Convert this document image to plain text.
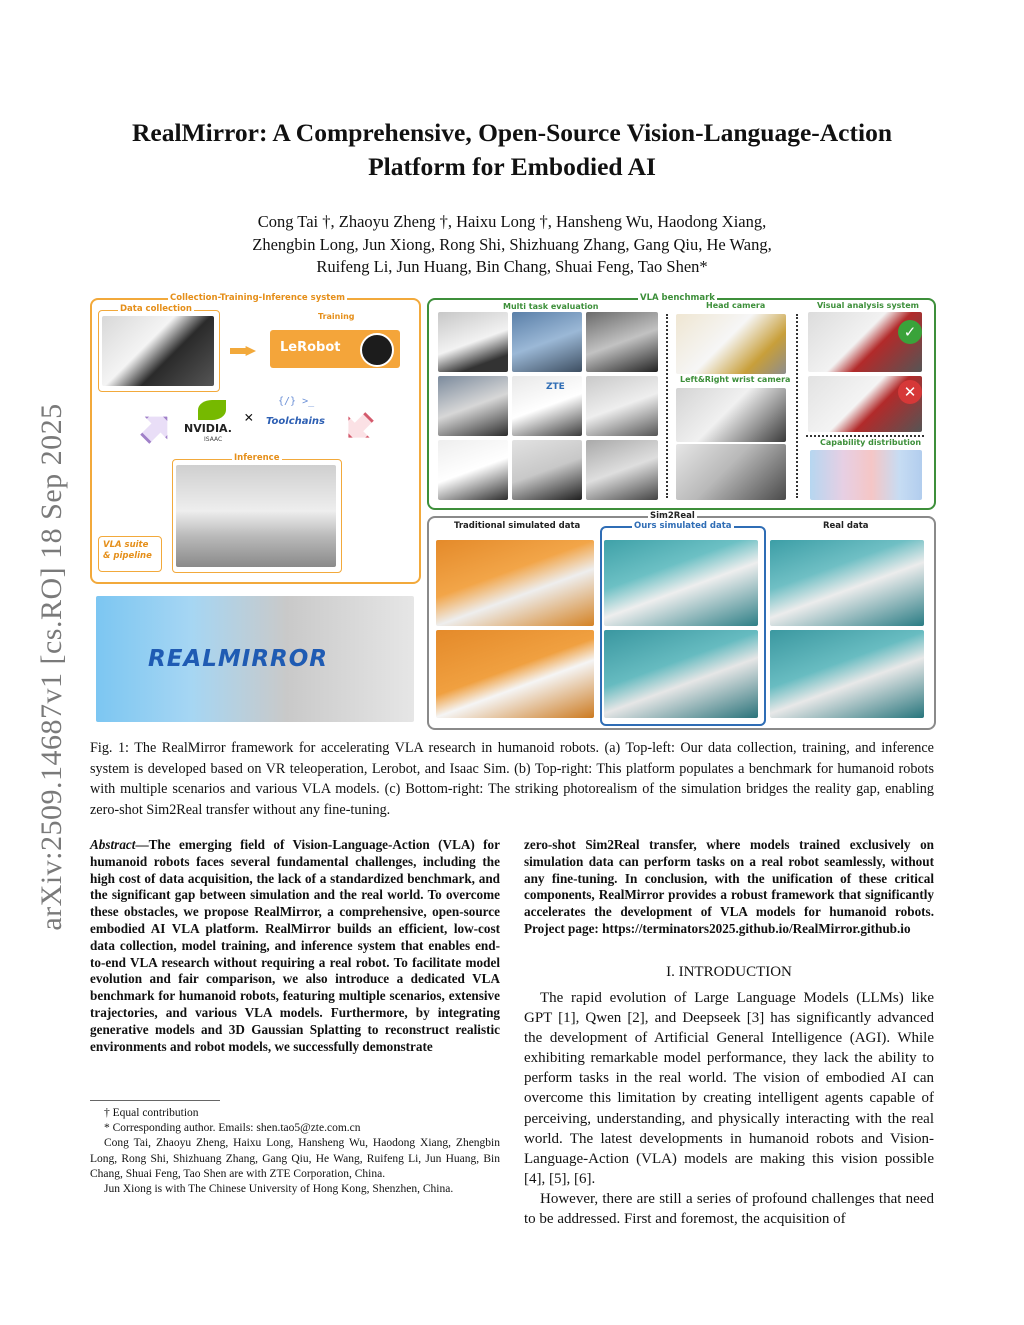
arXiv:2509.14687v1 [cs.RO] 18 Sep 2025
RealMirror: A Comprehensive, Open-Source Vision-Language-Action
Platform for Embodied AI
Cong Tai †, Zhaoyu Zheng †, Haixu Long †, Hansheng Wu, Haodong Xiang,
Zhengbin Long, Jun Xiong, Rong Shi, Shizhuang Zhang, Gang Qiu, He Wang,
Ruifeng Li, Jun Huang, Bin Chang, Shuai Feng, Tao Shen*
Collection-Training-Inference system
Data collection
Training
LeRobot
NVIDIA.
ISAAC
×
{/} >_
Toolchains
Inference
VLA suite
& pipeline
REALMIRROR
VLA benchmark
Multi task evaluation	Head camera	Visual analysis system
ZTE
Left&Right wrist camera
✓
✕
Capability distribution
Sim2Real
Traditional simulated data	Ours simulated data	Real data
Fig. 1: The RealMirror framework for accelerating VLA research in humanoid robots. (a) Top-left: Our data collection, training, and inference system is developed based on VR teleoperation, Lerobot, and Isaac Sim. (b) Top-right: This platform populates a benchmark for humanoid robots with multiple scenarios and various VLA models. (c) Bottom-right: The striking photorealism of the simulation bridges the reality gap, enabling zero-shot Sim2Real transfer without any fine-tuning.
Abstract—The emerging field of Vision-Language-Action (VLA) for humanoid robots faces several fundamental challenges, including the high cost of data acquisition, the lack of a standardized benchmark, and the significant gap between simulation and the real world. To overcome these obstacles, we propose RealMirror, a comprehensive, open-source embodied AI VLA platform. RealMirror builds an efficient, low-cost data collection, model training, and inference system that enables end-to-end VLA research without requiring a real robot. To facilitate model evolution and fair comparison, we also introduce a dedicated VLA benchmark for humanoid robots, featuring multiple scenarios, extensive trajectories, and various VLA models. Furthermore, by integrating generative models and 3D Gaussian Splatting to reconstruct realistic environments and robot models, we successfully demonstrate
zero-shot Sim2Real transfer, where models trained exclusively on simulation data can perform tasks on a real robot seamlessly, without any fine-tuning. In conclusion, with the unification of these critical components, RealMirror provides a robust framework that significantly accelerates the development of VLA models for humanoid robots. Project page: https://terminators2025.github.io/RealMirror.github.io
I. INTRODUCTION

The rapid evolution of Large Language Models (LLMs) like GPT [1], Qwen [2], and Deepseek [3] has significantly advanced the development of Artificial General Intelligence (AGI). While exhibiting remarkable model performance, they lack the ability to perform tasks in the real world. The vision of embodied AI can overcome this limitation by creating intelligent agents capable of perceiving, understanding, and physically interacting with the real world. The latest developments in humanoid robots and Vision-Language-Action (VLA) models are making this vision possible [4], [5], [6].

However, there are still a series of profound challenges that need to be addressed. First and foremost, the acquisition of

† Equal contribution

* Corresponding author. Emails: shen.tao5@zte.com.cn

Cong Tai, Zhaoyu Zheng, Haixu Long, Hansheng Wu, Haodong Xiang, Zhengbin Long, Rong Shi, Shizhuang Zhang, Gang Qiu, He Wang, Ruifeng Li, Jun Huang, Bin Chang, Shuai Feng, Tao Shen are with ZTE Corporation, China.

Jun Xiong is with The Chinese University of Hong Kong, Shenzhen, China.
